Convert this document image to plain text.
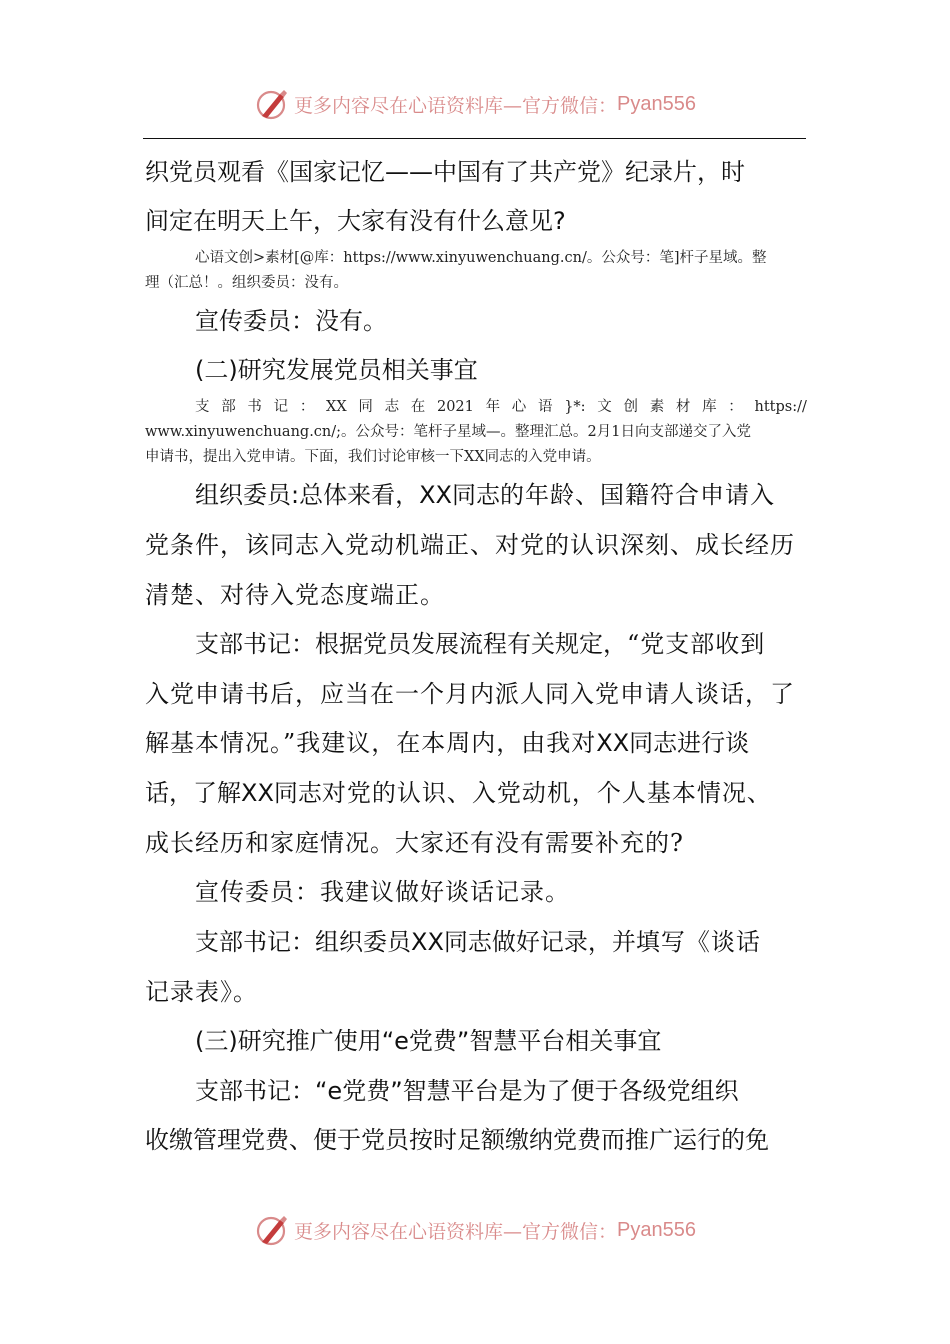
更多内容尽在心语资料库—官方微信： Pyan556
织党员观看《国家记忆——中国有了共产党》纪录片，时
间定在明天上午，大家有没有什么意见?
心语文创>素材[@库：https://www.xinyuwenchuang.cn/。公众号：笔]杆子星域。整
理（汇总！。组织委员：没有。
宣传委员：没有。
(二)研究发展党员相关事宜
支 部 书 记 ： XX 同 志 在 2021 年 心 语 }*: 文 创 素 材 库 ： https://
www.xinyuwenchuang.cn/;。公众号：笔杆子星域—。整理汇总。2月1日向支部递交了入党
申请书，提出入党申请。下面，我们讨论审核一下XX同志的入党申请。
组织委员:总体来看，XX同志的年龄、国籍符合申请入
党条件，该同志入党动机端正、对党的认识深刻、成长经历
清楚、对待入党态度端正。
支部书记：根据党员发展流程有关规定，“党支部收到
入党申请书后，应当在一个月内派人同入党申请人谈话，了
解基本情况。”我建议，在本周内，由我对XX同志进行谈
话，了解XX同志对党的认识、入党动机，个人基本情况、
成长经历和家庭情况。大家还有没有需要补充的?
宣传委员：我建议做好谈话记录。
支部书记：组织委员XX同志做好记录，并填写《谈话
记录表》。
(三)研究推广使用“e党费”智慧平台相关事宜
支部书记：“e党费”智慧平台是为了便于各级党组织
收缴管理党费、便于党员按时足额缴纳党费而推广运行的免
更多内容尽在心语资料库—官方微信： Pyan556
